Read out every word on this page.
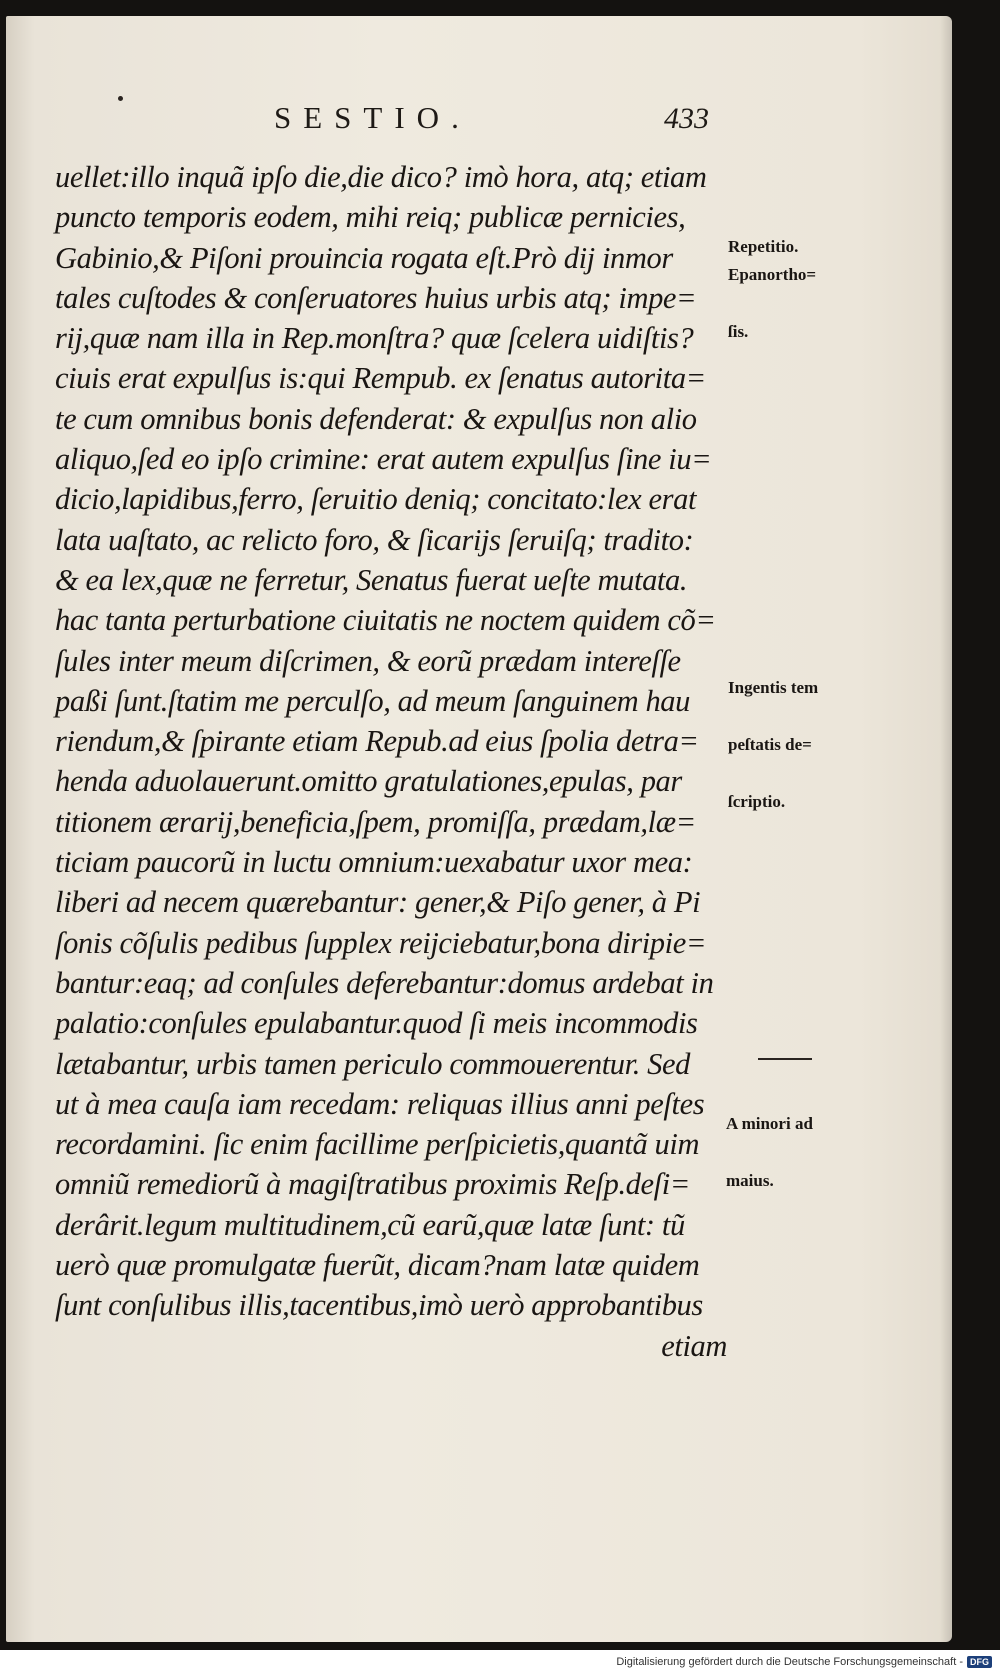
SESTIO.	433
uellet:illo inquã ipſo die,die dico? imò hora, atq; etiam
puncto temporis eodem, mihi reiq; publicæ pernicies,
Gabinio,& Piſoni prouincia rogata eſt.Prò dij inmor
tales cuſtodes & conſeruatores huius urbis atq; impe=
rij,quæ nam illa in Rep.monſtra? quæ ſcelera uidiſtis?
ciuis erat expulſus is:qui Rempub. ex ſenatus autorita=
te cum omnibus bonis defenderat: & expulſus non alio
aliquo,ſed eo ipſo crimine: erat autem expulſus ſine iu=
dicio,lapidibus,ferro, ſeruitio deniq; concitato:lex erat
lata uaſtato, ac relicto foro, & ſicarijs ſeruiſq; tradito:
& ea lex,quæ ne ferretur, Senatus fuerat ueſte mutata.
hac tanta perturbatione ciuitatis ne noctem quidem cõ=
ſules inter meum diſcrimen, & eorũ prædam intereſſe
paßi ſunt.ſtatim me perculſo, ad meum ſanguinem hau
riendum,& ſpirante etiam Repub.ad eius ſpolia detra=
henda aduolauerunt.omitto gratulationes,epulas, par
titionem ærarij,beneficia,ſpem, promiſſa, prædam,læ=
ticiam paucorũ in luctu omnium:uexabatur uxor mea:
liberi ad necem quærebantur: gener,& Piſo gener, à Pi
ſonis cõſulis pedibus ſupplex reijciebatur,bona diripie=
bantur:eaq; ad conſules deferebantur:domus ardebat in
palatio:conſules epulabantur.quod ſi meis incommodis
lætabantur, urbis tamen periculo commouerentur. Sed
ut à mea cauſa iam recedam: reliquas illius anni peſtes
recordamini. ſic enim facillime perſpicietis,quantã uim
omniũ remediorũ à magiſtratibus proximis Reſp.deſi=
derârit.legum multitudinem,cũ earũ,quæ latæ ſunt: tũ
uerò quæ promulgatæ fuerũt, dicam?nam latæ quidem
ſunt conſulibus illis,tacentibus,imò uerò approbantibus
etiam

Repetitio.

Epanortho=

ſis.

Ingentis tem

peſtatis de=

ſcriptio.

A minori ad

maius.

Digitalisierung gefördert durch die Deutsche Forschungsgemeinschaft - DFG
